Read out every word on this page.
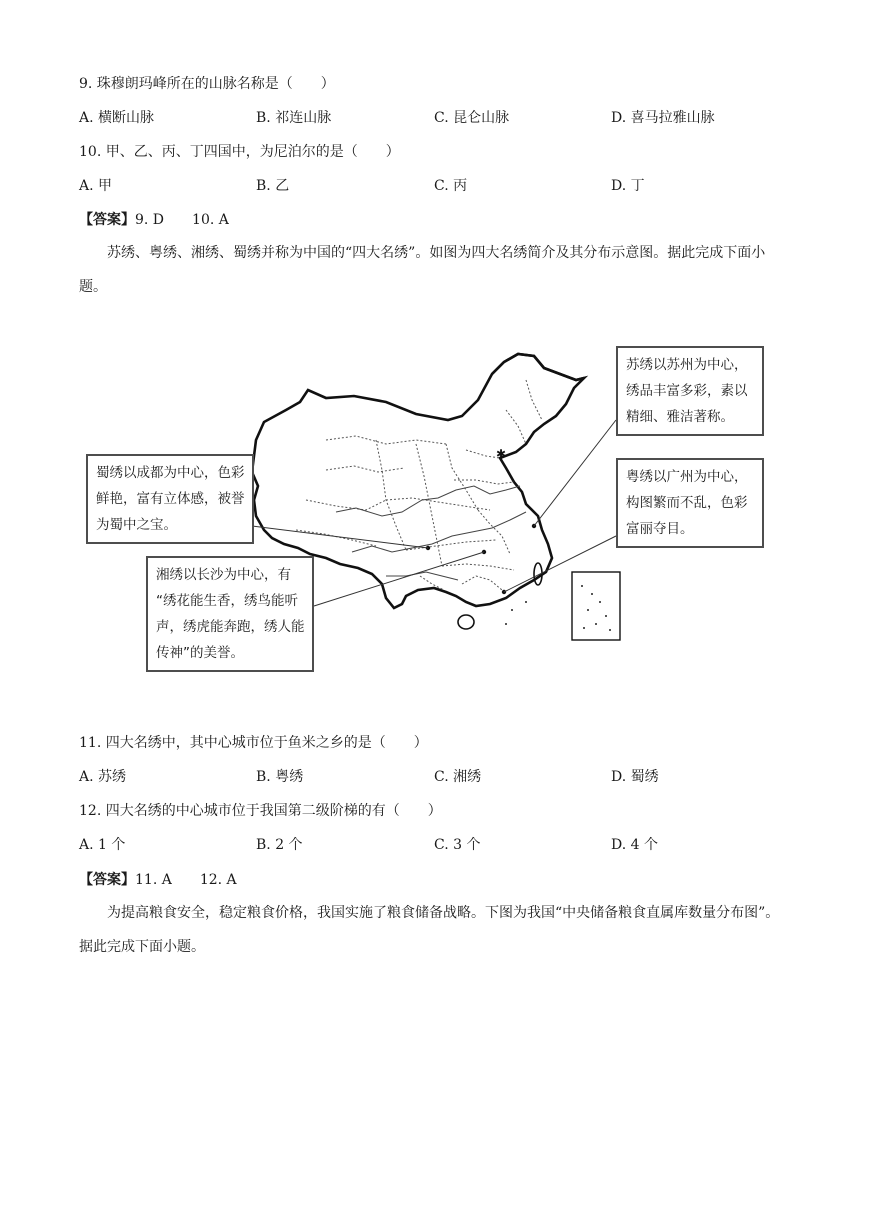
9. 珠穆朗玛峰所在的山脉名称是（　　）
A. 横断山脉	B. 祁连山脉	C. 昆仑山脉	D. 喜马拉雅山脉
10. 甲、乙、丙、丁四国中，为尼泊尔的是（　　）
A. 甲	B. 乙	C. 丙	D. 丁
【答案】9. D　　10. A
苏绣、粤绣、湘绣、蜀绣并称为中国的“四大名绣”。如图为四大名绣简介及其分布示意图。据此完成下面小题。
✱
苏绣以苏州为中心，
绣品丰富多彩，素以
精细、雅洁著称。
粤绣以广州为中心，
构图繁而不乱，色彩
富丽夺目。
蜀绣以成都为中心，色彩
鲜艳，富有立体感，被誉
为蜀中之宝。
湘绣以长沙为中心，有
“绣花能生香，绣鸟能听
声，绣虎能奔跑，绣人能
传神”的美誉。
11. 四大名绣中，其中心城市位于鱼米之乡的是（　　）
A. 苏绣	B. 粤绣	C. 湘绣	D. 蜀绣
12. 四大名绣的中心城市位于我国第二级阶梯的有（　　）
A. 1 个	B. 2 个	C. 3 个	D. 4 个
【答案】11. A　　12. A
为提高粮食安全，稳定粮食价格，我国实施了粮食储备战略。下图为我国“中央储备粮食直属库数量分布图”。据此完成下面小题。
